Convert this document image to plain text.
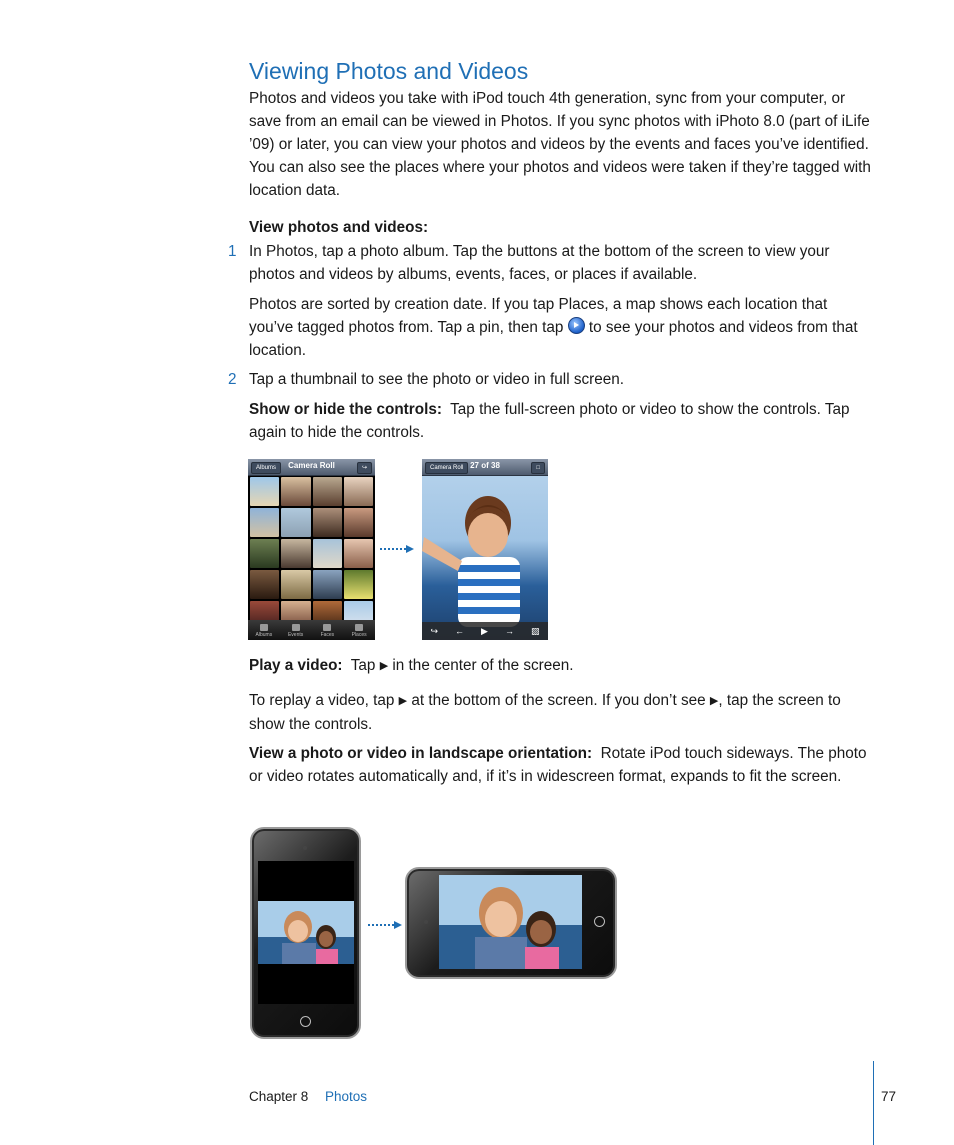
Viewing Photos and Videos

Photos and videos you take with iPod touch 4th generation, sync from your computer, or save from an email can be viewed in Photos. If you sync photos with iPhoto 8.0 (part of iLife ’09) or later, you can view your photos and videos by the events and faces you’ve identified. You can also see the places where your photos and videos were taken if they’re tagged with location data.

View photos and videos:

1 In Photos, tap a photo album. Tap the buttons at the bottom of the screen to view your photos and videos by albums, events, faces, or places if available.

Photos are sorted by creation date. If you tap Places, a map shows each location that you’ve tagged photos from. Tap a pin, then tap to see your photos and videos from that location.

2 Tap a thumbnail to see the photo or video in full screen.

Show or hide the controls: Tap the full-screen photo or video to show the controls. Tap again to hide the controls.

Albums	Camera Roll	↪
Albums	Events	Faces	Places
Camera Roll 27 of 38	□
↪ ← ▶ → ▨

Play a video: Tap ▶ in the center of the screen.

To replay a video, tap ▶ at the bottom of the screen. If you don’t see ▶, tap the screen to show the controls.

View a photo or video in landscape orientation: Rotate iPod touch sideways. The photo or video rotates automatically and, if it’s in widescreen format, expands to fit the screen.

Chapter 8 Photos	77
